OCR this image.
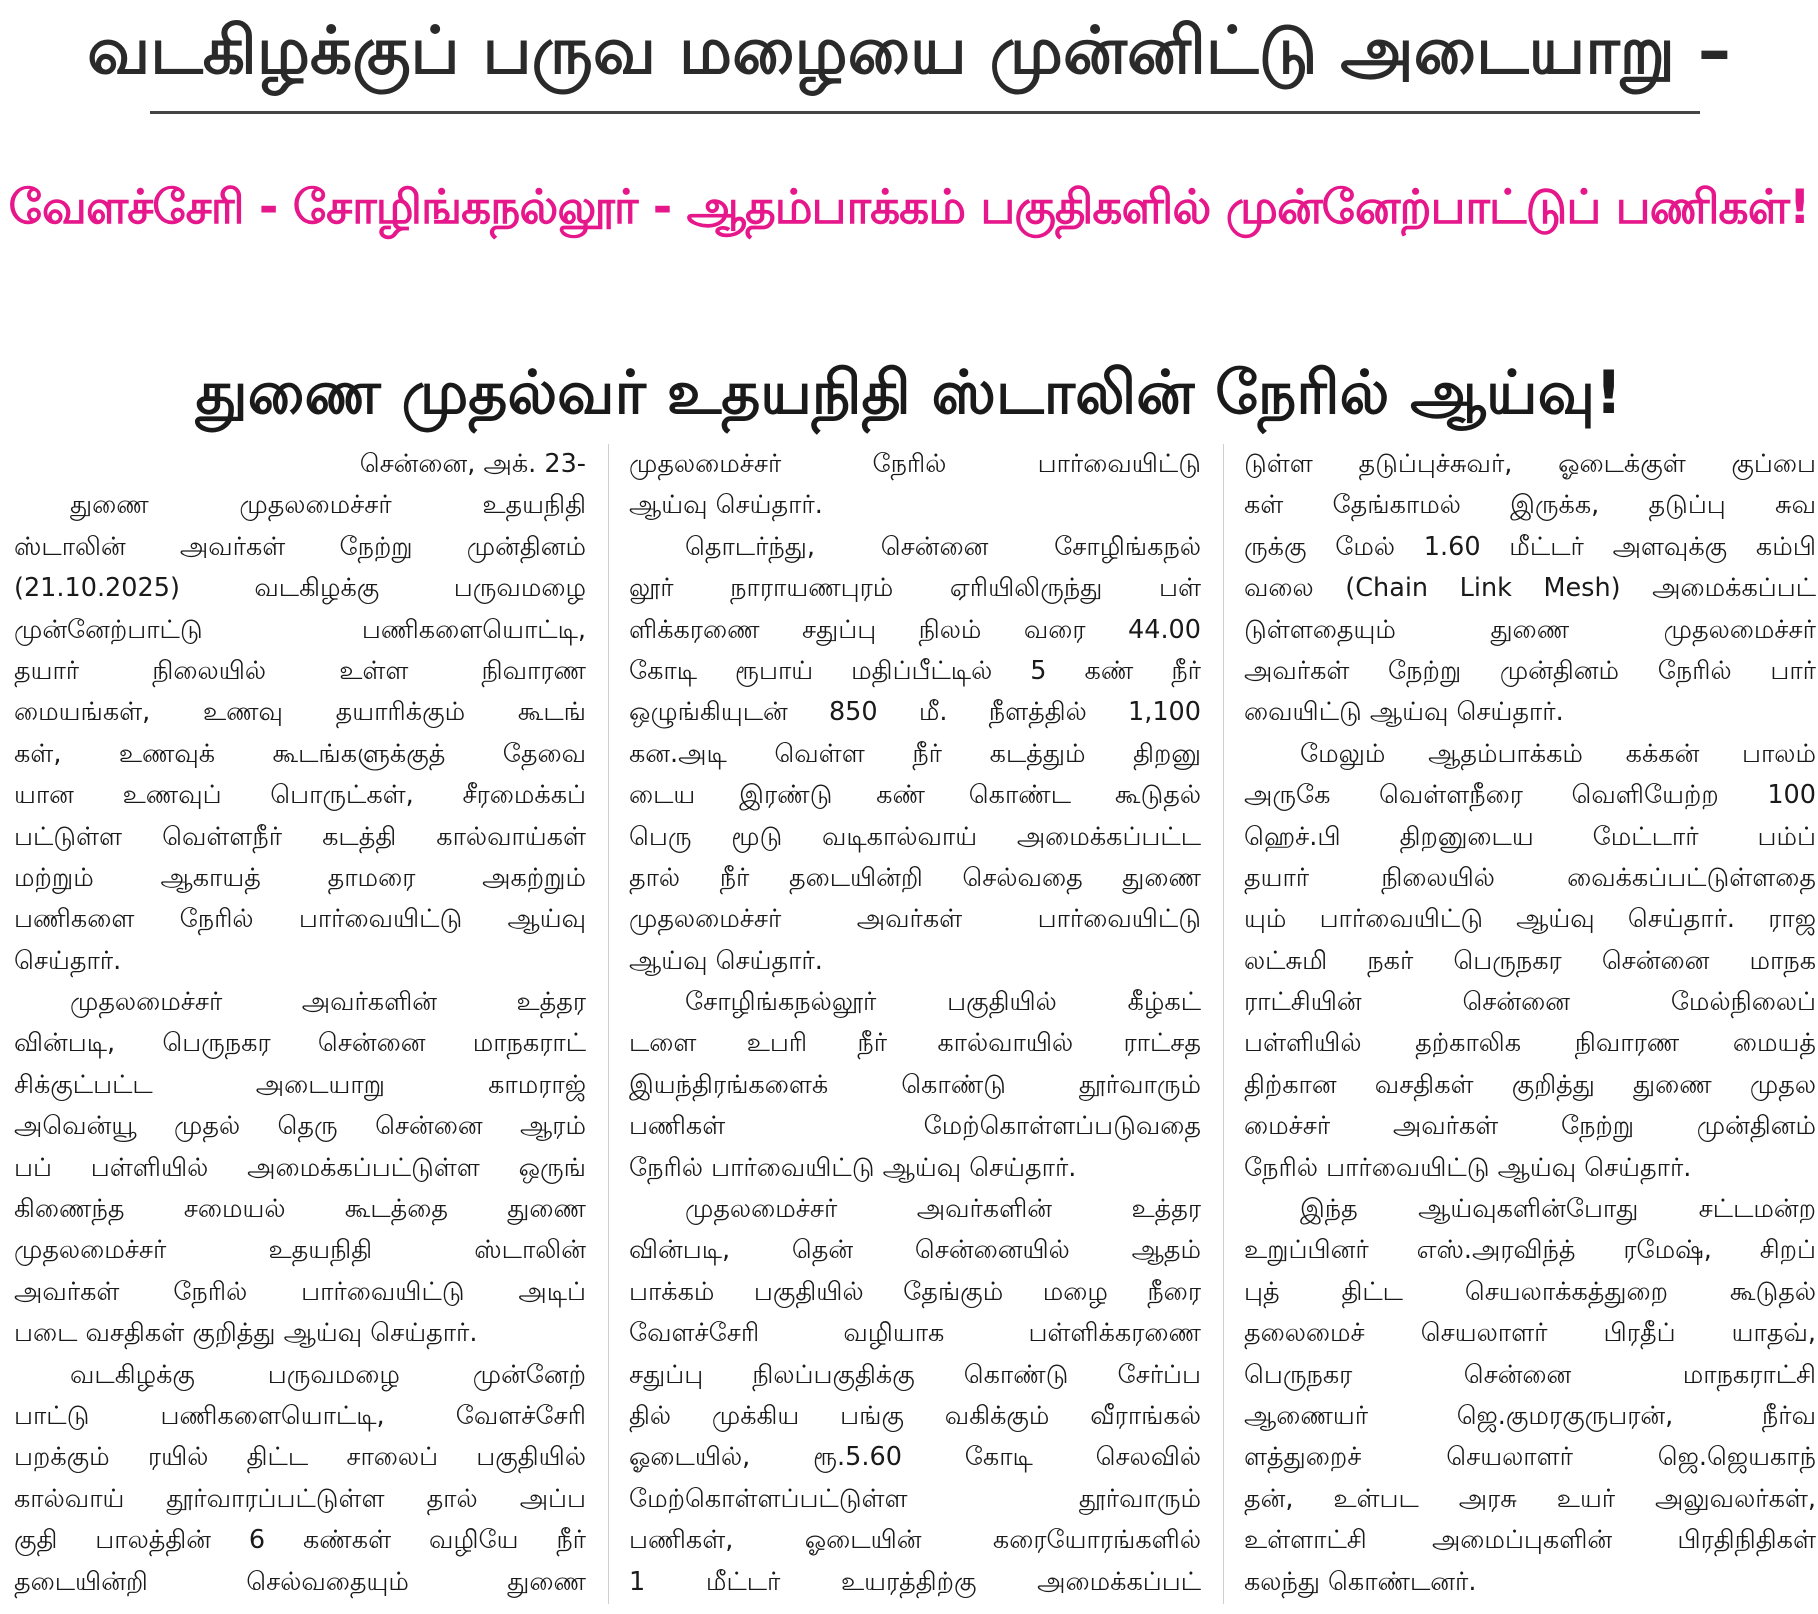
வடகிழக்குப் பருவ மழையை முன்னிட்டு அடையாறு –
வேளச்சேரி - சோழிங்கநல்லூர் - ஆதம்பாக்கம் பகுதிகளில் முன்னேற்பாட்டுப் பணிகள்!
துணை முதல்வர் உதயநிதி ஸ்டாலின் நேரில் ஆய்வு!
சென்னை, அக். 23-
துணை முதலமைச்சர் உதயநிதி
ஸ்டாலின் அவர்கள் நேற்று முன்தினம்
(21.10.2025) வடகிழக்கு பருவமழை
முன்னேற்பாட்டு பணிகளையொட்டி,
தயார் நிலையில் உள்ள நிவாரண
மையங்கள், உணவு தயாரிக்கும் கூடங்
கள், உணவுக் கூடங்களுக்குத் தேவை
யான உணவுப் பொருட்கள், சீரமைக்கப்
பட்டுள்ள வெள்ளநீர் கடத்தி கால்வாய்கள்
மற்றும் ஆகாயத் தாமரை அகற்றும்
பணிகளை நேரில் பார்வையிட்டு ஆய்வு
செய்தார்.
முதலமைச்சர் அவர்களின் உத்தர
வின்படி, பெருநகர சென்னை மாநகராட்
சிக்குட்பட்ட அடையாறு காமராஜ்
அவென்யூ முதல் தெரு சென்னை ஆரம்
பப் பள்ளியில் அமைக்கப்பட்டுள்ள ஒருங்
கிணைந்த சமையல் கூடத்தை துணை
முதலமைச்சர் உதயநிதி ஸ்டாலின்
அவர்கள் நேரில் பார்வையிட்டு அடிப்
படை வசதிகள் குறித்து ஆய்வு செய்தார்.
வடகிழக்கு பருவமழை முன்னேற்
பாட்டு பணிகளையொட்டி, வேளச்சேரி
பறக்கும் ரயில் திட்ட சாலைப் பகுதியில்
கால்வாய் தூர்வாரப்பட்டுள்ள தால் அப்ப
குதி பாலத்தின் 6 கண்கள் வழியே நீர்
தடையின்றி செல்வதையும் துணை
முதலமைச்சர் நேரில் பார்வையிட்டு
ஆய்வு செய்தார்.
தொடர்ந்து, சென்னை சோழிங்கநல்
லூர் நாராயணபுரம் ஏரியிலிருந்து பள்
ளிக்கரணை சதுப்பு நிலம் வரை 44.00
கோடி ரூபாய் மதிப்பீட்டில் 5 கண் நீர்
ஒழுங்கியுடன் 850 மீ. நீளத்தில் 1,100
கன.அடி வெள்ள நீர் கடத்தும் திறனு
டைய இரண்டு கண் கொண்ட கூடுதல்
பெரு மூடு வடிகால்வாய் அமைக்கப்பட்ட
தால் நீர் தடையின்றி செல்வதை துணை
முதலமைச்சர் அவர்கள் பார்வையிட்டு
ஆய்வு செய்தார்.
சோழிங்கநல்லூர் பகுதியில் கீழ்கட்
டளை உபரி நீர் கால்வாயில் ராட்சத
இயந்திரங்களைக் கொண்டு தூர்வாரும்
பணிகள் மேற்கொள்ளப்படுவதை
நேரில் பார்வையிட்டு ஆய்வு செய்தார்.
முதலமைச்சர் அவர்களின் உத்தர
வின்படி, தென் சென்னையில் ஆதம்
பாக்கம் பகுதியில் தேங்கும் மழை நீரை
வேளச்சேரி வழியாக பள்ளிக்கரணை
சதுப்பு நிலப்பகுதிக்கு கொண்டு சேர்ப்ப
தில் முக்கிய பங்கு வகிக்கும் வீராங்கல்
ஓடையில், ரூ.5.60 கோடி செலவில்
மேற்கொள்ளப்பட்டுள்ள தூர்வாரும்
பணிகள், ஓடையின் கரையோரங்களில்
1 மீட்டர் உயரத்திற்கு அமைக்கப்பட்
டுள்ள தடுப்புச்சுவர், ஓடைக்குள் குப்பை
கள் தேங்காமல் இருக்க, தடுப்பு சுவ
ருக்கு மேல் 1.60 மீட்டர் அளவுக்கு கம்பி
வலை (Chain Link Mesh) அமைக்கப்பட்
டுள்ளதையும் துணை முதலமைச்சர்
அவர்கள் நேற்று முன்தினம் நேரில் பார்
வையிட்டு ஆய்வு செய்தார்.
மேலும் ஆதம்பாக்கம் கக்கன் பாலம்
அருகே வெள்ளநீரை வெளியேற்ற 100
ஹெச்.பி திறனுடைய மேட்டார் பம்ப்
தயார் நிலையில் வைக்கப்பட்டுள்ளதை
யும் பார்வையிட்டு ஆய்வு செய்தார். ராஜ
லட்சுமி நகர் பெருநகர சென்னை மாநக
ராட்சியின் சென்னை மேல்நிலைப்
பள்ளியில் தற்காலிக நிவாரண மையத்
திற்கான வசதிகள் குறித்து துணை முதல
மைச்சர் அவர்கள் நேற்று முன்தினம்
நேரில் பார்வையிட்டு ஆய்வு செய்தார்.
இந்த ஆய்வுகளின்போது சட்டமன்ற
உறுப்பினர் எஸ்.அரவிந்த் ரமேஷ், சிறப்
புத் திட்ட செயலாக்கத்துறை கூடுதல்
தலைமைச் செயலாளர் பிரதீப் யாதவ்,
பெருநகர சென்னை மாநகராட்சி
ஆணையர் ஜெ.குமரகுருபரன், நீர்வ
ளத்துறைச் செயலாளர் ஜெ.ஜெயகாந்
தன், உள்பட அரசு உயர் அலுவலர்கள்,
உள்ளாட்சி அமைப்புகளின் பிரதிநிதிகள்
கலந்து கொண்டனர்.
